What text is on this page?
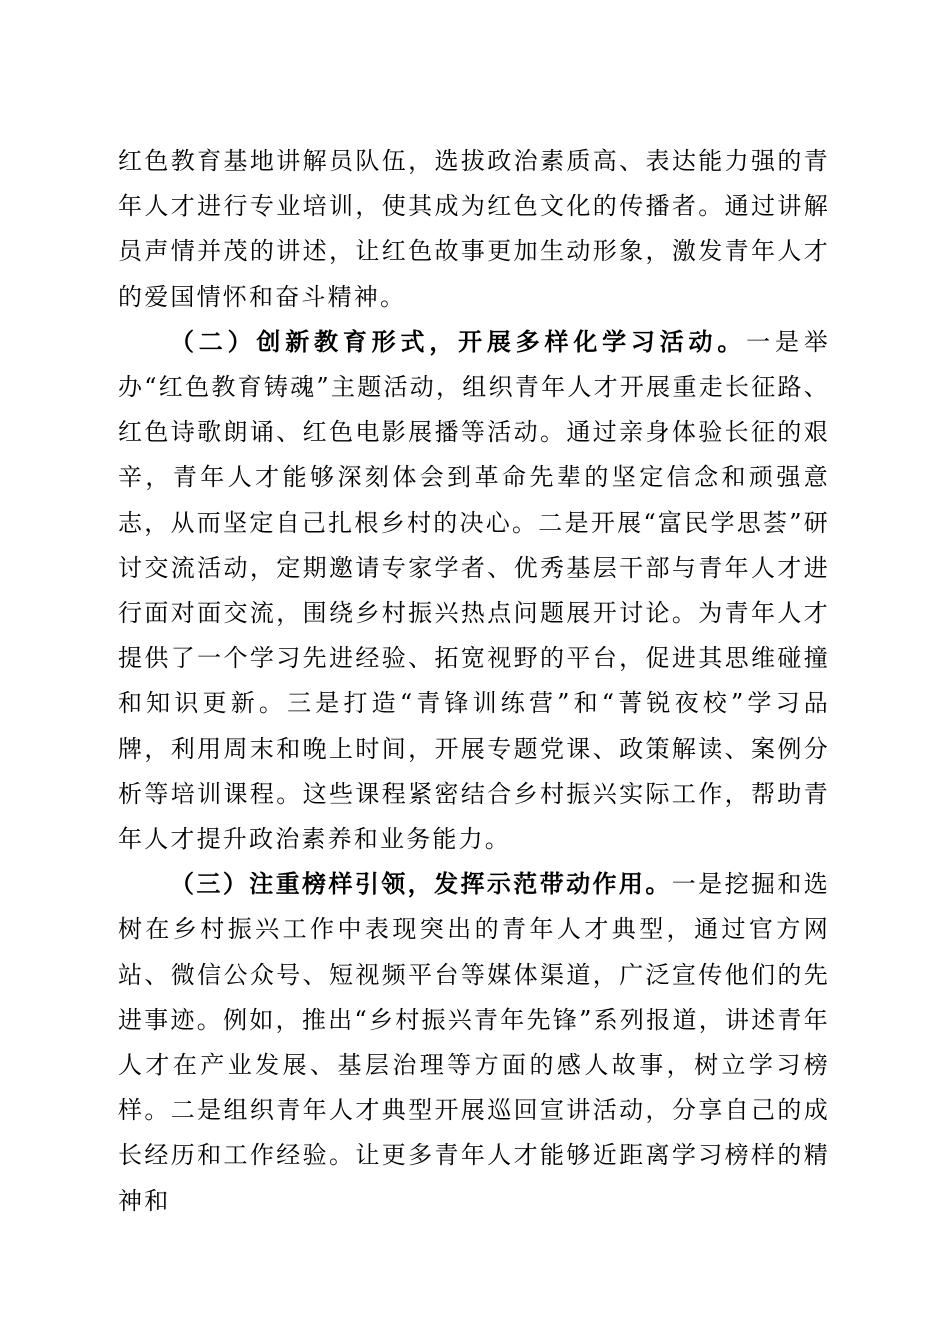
红色教育基地讲解员队伍，选拔政治素质高、表达能力强的青年人才进行专业培训，使其成为红色文化的传播者。通过讲解员声情并茂的讲述，让红色故事更加生动形象，激发青年人才的爱国情怀和奋斗精神。

（二）创新教育形式，开展多样化学习活动。一是举办“红色教育铸魂”主题活动，组织青年人才开展重走长征路、红色诗歌朗诵、红色电影展播等活动。通过亲身体验长征的艰辛，青年人才能够深刻体会到革命先辈的坚定信念和顽强意志，从而坚定自己扎根乡村的决心。二是开展“富民学思荟”研讨交流活动，定期邀请专家学者、优秀基层干部与青年人才进行面对面交流，围绕乡村振兴热点问题展开讨论。为青年人才提供了一个学习先进经验、拓宽视野的平台，促进其思维碰撞和知识更新。三是打造“青锋训练营”和“菁锐夜校”学习品牌，利用周末和晚上时间，开展专题党课、政策解读、案例分析等培训课程。这些课程紧密结合乡村振兴实际工作，帮助青年人才提升政治素养和业务能力。

（三）注重榜样引领，发挥示范带动作用。一是挖掘和选树在乡村振兴工作中表现突出的青年人才典型，通过官方网站、微信公众号、短视频平台等媒体渠道，广泛宣传他们的先进事迹。例如，推出“乡村振兴青年先锋”系列报道，讲述青年人才在产业发展、基层治理等方面的感人故事，树立学习榜样。二是组织青年人才典型开展巡回宣讲活动，分享自己的成长经历和工作经验。让更多青年人才能够近距离学习榜样的精神和
